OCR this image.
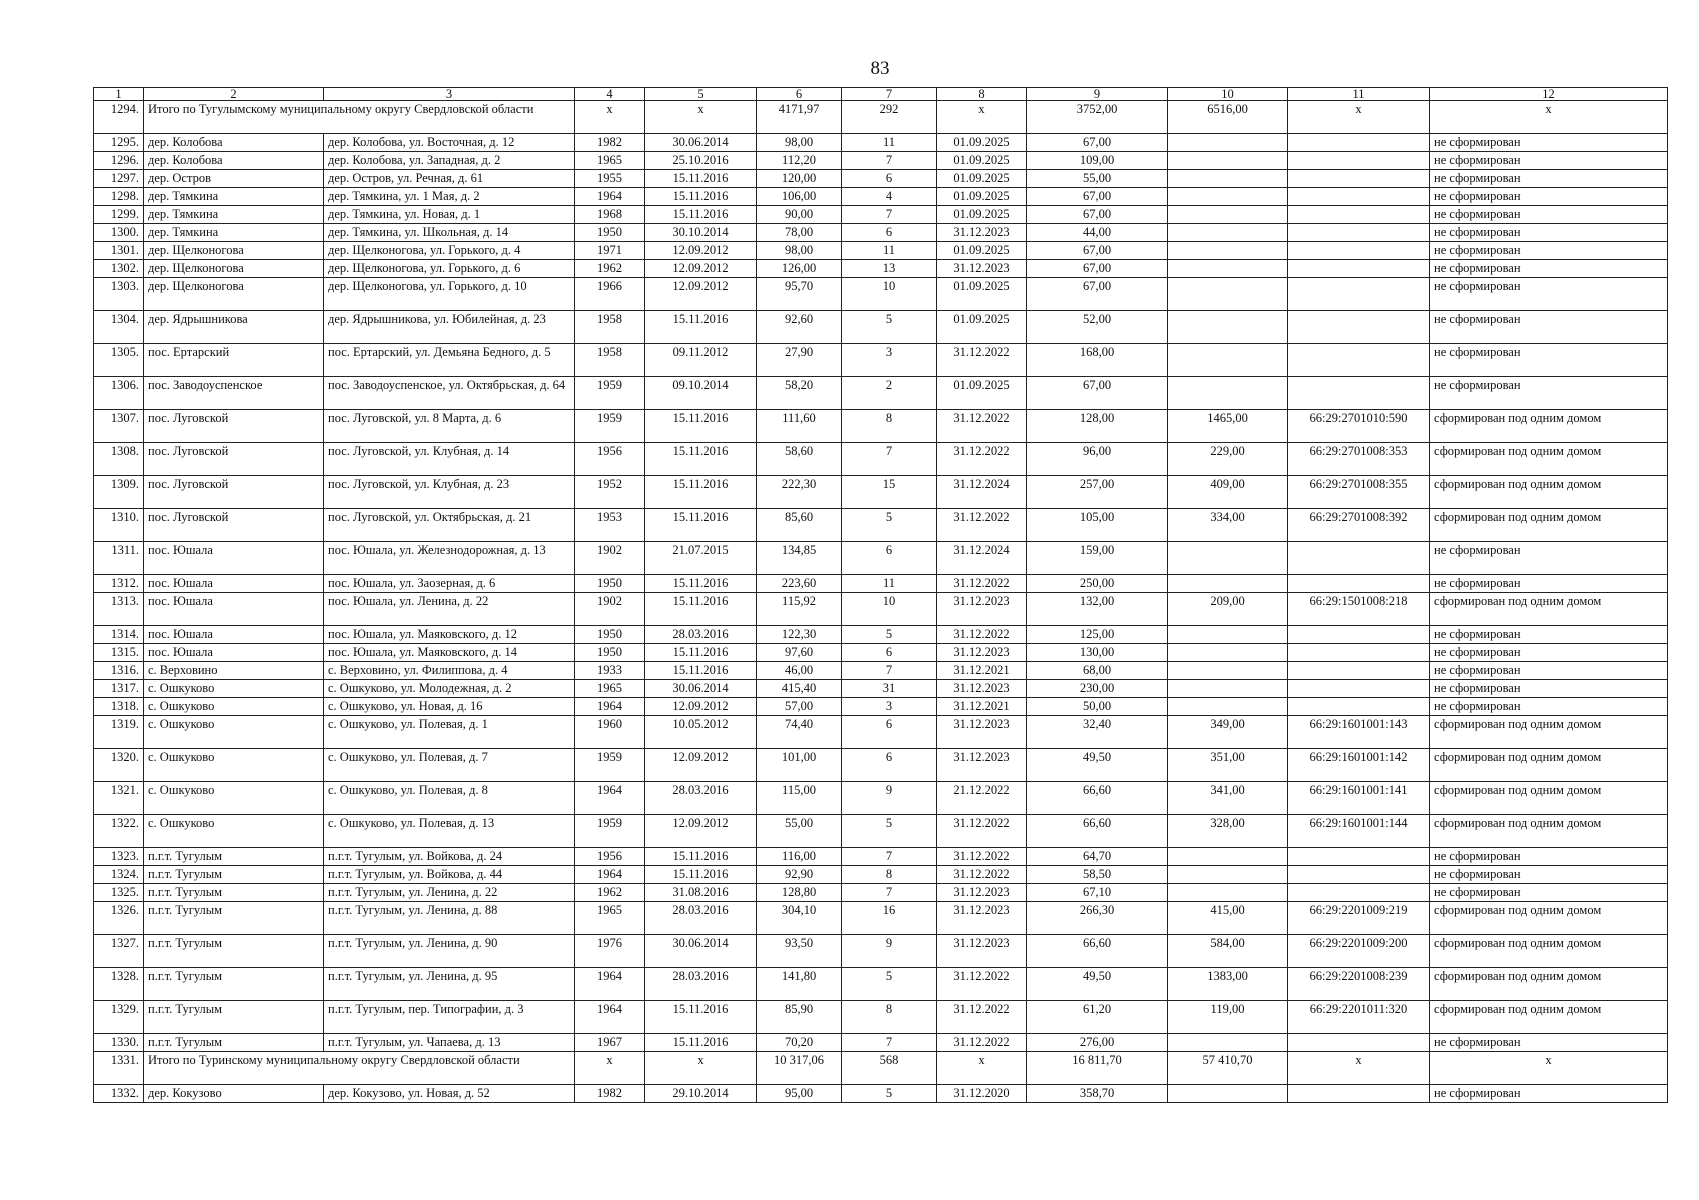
83
1	2	3	4	5	6	7	8	9	10	11	12
1294.	Итого по Тугулымскому муниципальному округу Свердловской области		х	х	4171,97	292	х	3752,00	6516,00	х	х
1295.	дер. Колобова	дер. Колобова, ул. Восточная, д. 12	1982	30.06.2014	98,00	11	01.09.2025	67,00			не сформирован
1296.	дер. Колобова	дер. Колобова, ул. Западная, д. 2	1965	25.10.2016	112,20	7	01.09.2025	109,00			не сформирован
1297.	дер. Остров	дер. Остров, ул. Речная, д. 61	1955	15.11.2016	120,00	6	01.09.2025	55,00			не сформирован
1298.	дер. Тямкина	дер. Тямкина, ул. 1 Мая, д. 2	1964	15.11.2016	106,00	4	01.09.2025	67,00			не сформирован
1299.	дер. Тямкина	дер. Тямкина, ул. Новая, д. 1	1968	15.11.2016	90,00	7	01.09.2025	67,00			не сформирован
1300.	дер. Тямкина	дер. Тямкина, ул. Школьная, д. 14	1950	30.10.2014	78,00	6	31.12.2023	44,00			не сформирован
1301.	дер. Щелконогова	дер. Щелконогова, ул. Горького, д. 4	1971	12.09.2012	98,00	11	01.09.2025	67,00			не сформирован
1302.	дер. Щелконогова	дер. Щелконогова, ул. Горького, д. 6	1962	12.09.2012	126,00	13	31.12.2023	67,00			не сформирован
1303.	дер. Щелконогова	дер. Щелконогова, ул. Горького, д. 10	1966	12.09.2012	95,70	10	01.09.2025	67,00			не сформирован
1304.	дер. Ядрышникова	дер. Ядрышникова, ул. Юбилейная, д. 23	1958	15.11.2016	92,60	5	01.09.2025	52,00			не сформирован
1305.	пос. Ертарский	пос. Ертарский, ул. Демьяна Бедного, д. 5	1958	09.11.2012	27,90	3	31.12.2022	168,00			не сформирован
1306.	пос. Заводоуспенское	пос. Заводоуспенское, ул. Октябрьская, д. 64	1959	09.10.2014	58,20	2	01.09.2025	67,00			не сформирован
1307.	пос. Луговской	пос. Луговской, ул. 8 Марта, д. 6	1959	15.11.2016	111,60	8	31.12.2022	128,00	1465,00	66:29:2701010:590	сформирован под одним домом
1308.	пос. Луговской	пос. Луговской, ул. Клубная, д. 14	1956	15.11.2016	58,60	7	31.12.2022	96,00	229,00	66:29:2701008:353	сформирован под одним домом
1309.	пос. Луговской	пос. Луговской, ул. Клубная, д. 23	1952	15.11.2016	222,30	15	31.12.2024	257,00	409,00	66:29:2701008:355	сформирован под одним домом
1310.	пос. Луговской	пос. Луговской, ул. Октябрьская, д. 21	1953	15.11.2016	85,60	5	31.12.2022	105,00	334,00	66:29:2701008:392	сформирован под одним домом
1311.	пос. Юшала	пос. Юшала, ул. Железнодорожная, д. 13	1902	21.07.2015	134,85	6	31.12.2024	159,00			не сформирован
1312.	пос. Юшала	пос. Юшала, ул. Заозерная, д. 6	1950	15.11.2016	223,60	11	31.12.2022	250,00			не сформирован
1313.	пос. Юшала	пос. Юшала, ул. Ленина, д. 22	1902	15.11.2016	115,92	10	31.12.2023	132,00	209,00	66:29:1501008:218	сформирован под одним домом
1314.	пос. Юшала	пос. Юшала, ул. Маяковского, д. 12	1950	28.03.2016	122,30	5	31.12.2022	125,00			не сформирован
1315.	пос. Юшала	пос. Юшала, ул. Маяковского, д. 14	1950	15.11.2016	97,60	6	31.12.2023	130,00			не сформирован
1316.	с. Верховино	с. Верховино, ул. Филиппова, д. 4	1933	15.11.2016	46,00	7	31.12.2021	68,00			не сформирован
1317.	с. Ошкуково	с. Ошкуково, ул. Молодежная, д. 2	1965	30.06.2014	415,40	31	31.12.2023	230,00			не сформирован
1318.	с. Ошкуково	с. Ошкуково, ул. Новая, д. 16	1964	12.09.2012	57,00	3	31.12.2021	50,00			не сформирован
1319.	с. Ошкуково	с. Ошкуково, ул. Полевая, д. 1	1960	10.05.2012	74,40	6	31.12.2023	32,40	349,00	66:29:1601001:143	сформирован под одним домом
1320.	с. Ошкуково	с. Ошкуково, ул. Полевая, д. 7	1959	12.09.2012	101,00	6	31.12.2023	49,50	351,00	66:29:1601001:142	сформирован под одним домом
1321.	с. Ошкуково	с. Ошкуково, ул. Полевая, д. 8	1964	28.03.2016	115,00	9	21.12.2022	66,60	341,00	66:29:1601001:141	сформирован под одним домом
1322.	с. Ошкуково	с. Ошкуково, ул. Полевая, д. 13	1959	12.09.2012	55,00	5	31.12.2022	66,60	328,00	66:29:1601001:144	сформирован под одним домом
1323.	п.г.т. Тугулым	п.г.т. Тугулым, ул. Войкова, д. 24	1956	15.11.2016	116,00	7	31.12.2022	64,70			не сформирован
1324.	п.г.т. Тугулым	п.г.т. Тугулым, ул. Войкова, д. 44	1964	15.11.2016	92,90	8	31.12.2022	58,50			не сформирован
1325.	п.г.т. Тугулым	п.г.т. Тугулым, ул. Ленина, д. 22	1962	31.08.2016	128,80	7	31.12.2023	67,10			не сформирован
1326.	п.г.т. Тугулым	п.г.т. Тугулым, ул. Ленина, д. 88	1965	28.03.2016	304,10	16	31.12.2023	266,30	415,00	66:29:2201009:219	сформирован под одним домом
1327.	п.г.т. Тугулым	п.г.т. Тугулым, ул. Ленина, д. 90	1976	30.06.2014	93,50	9	31.12.2023	66,60	584,00	66:29:2201009:200	сформирован под одним домом
1328.	п.г.т. Тугулым	п.г.т. Тугулым, ул. Ленина, д. 95	1964	28.03.2016	141,80	5	31.12.2022	49,50	1383,00	66:29:2201008:239	сформирован под одним домом
1329.	п.г.т. Тугулым	п.г.т. Тугулым, пер. Типографии, д. 3	1964	15.11.2016	85,90	8	31.12.2022	61,20	119,00	66:29:2201011:320	сформирован под одним домом
1330.	п.г.т. Тугулым	п.г.т. Тугулым, ул. Чапаева, д. 13	1967	15.11.2016	70,20	7	31.12.2022	276,00			не сформирован
1331.	Итого по Туринскому муниципальному округу Свердловской области		х	х	10 317,06	568	х	16 811,70	57 410,70	х	х
1332.	дер. Кокузово	дер. Кокузово, ул. Новая, д. 52	1982	29.10.2014	95,00	5	31.12.2020	358,70			не сформирован
